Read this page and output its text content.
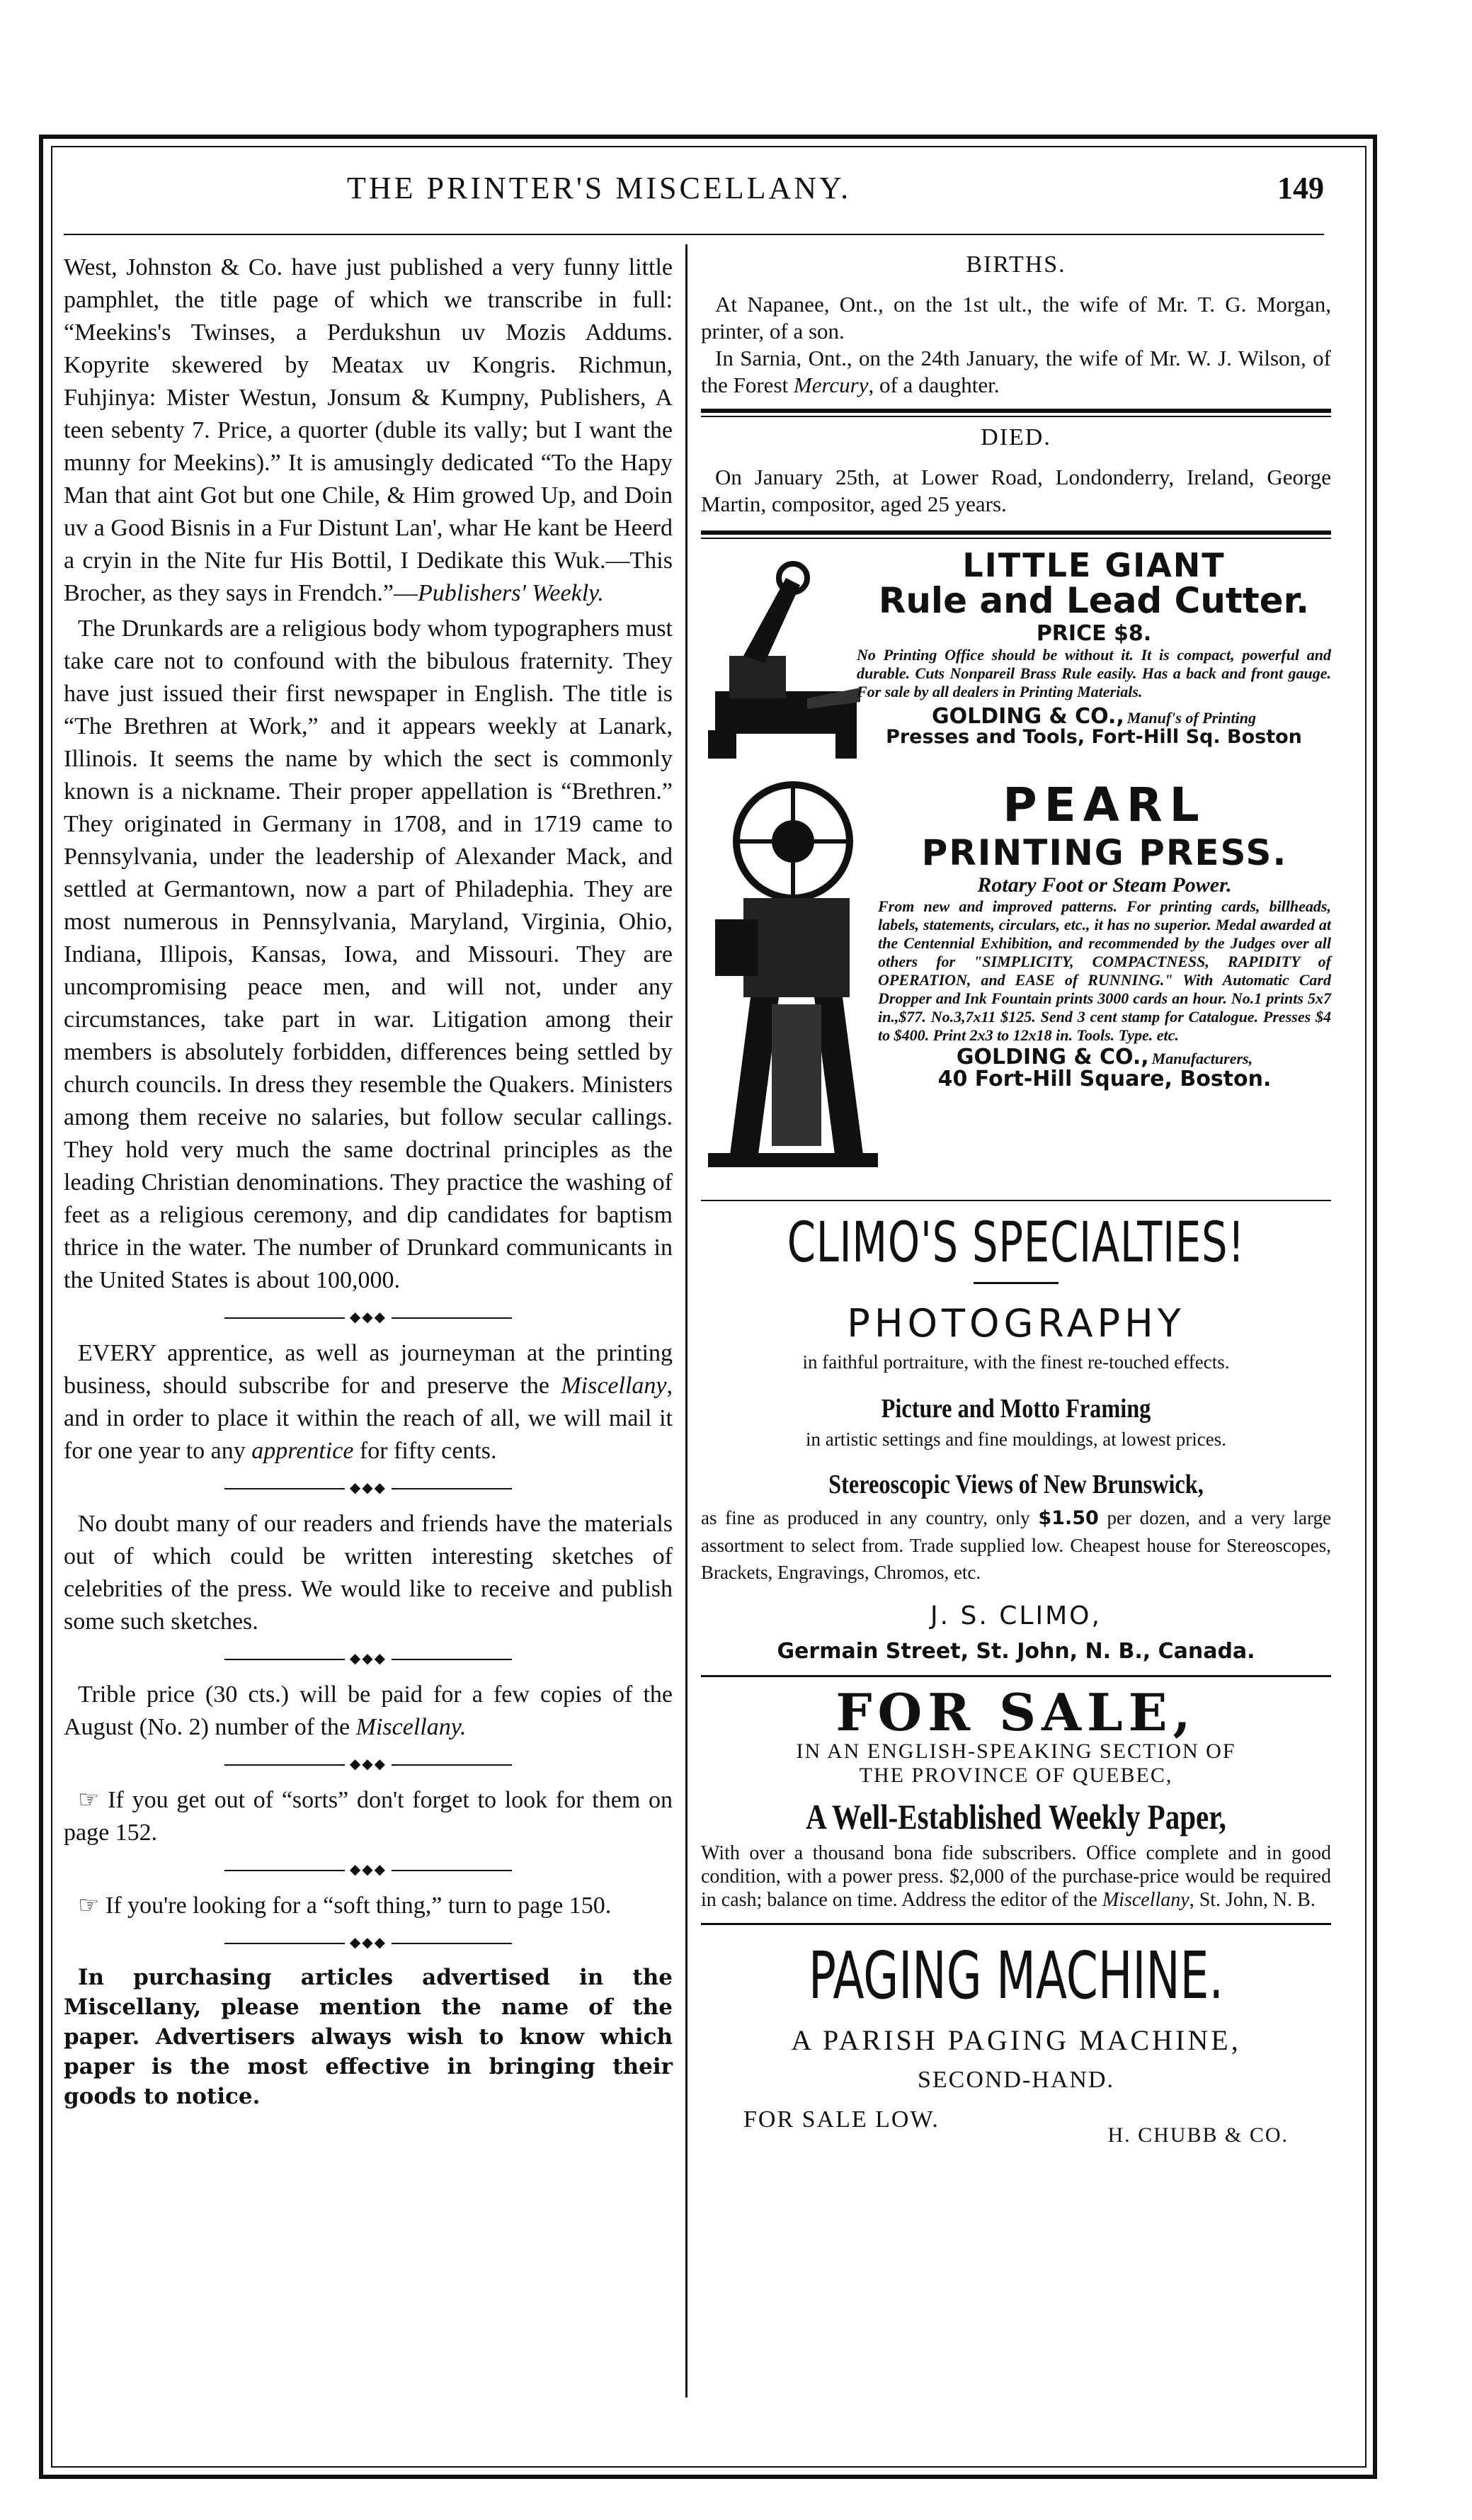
THE PRINTER'S MISCELLANY.	149

West, Johnston & Co. have just published a very funny little pamphlet, the title page of which we transcribe in full: “Meekins's Twinses, a Perdukshun uv Mozis Addums. Kopyrite skewered by Meatax uv Kongris. Richmun, Fuhjinya: Mister Westun, Jonsum & Kumpny, Publishers, A teen sebenty 7. Price, a quorter (duble its vally; but I want the munny for Meekins).” It is amusingly dedicated “To the Hapy Man that aint Got but one Chile, & Him growed Up, and Doin uv a Good Bisnis in a Fur Distunt Lan', whar He kant be Heerd a cryin in the Nite fur His Bottil, I Dedikate this Wuk.—This Brocher, as they says in Frendch.”—Publishers' Weekly.

The Drunkards are a religious body whom typographers must take care not to confound with the bibulous fraternity. They have just issued their first newspaper in English. The title is “The Brethren at Work,” and it appears weekly at Lanark, Illinois. It seems the name by which the sect is commonly known is a nickname. Their proper appellation is “Brethren.” They originated in Germany in 1708, and in 1719 came to Pennsylvania, under the leadership of Alexander Mack, and settled at Germantown, now a part of Philadephia. They are most numerous in Pennsylvania, Maryland, Virginia, Ohio, Indiana, Illipois, Kansas, Iowa, and Missouri. They are uncompromising peace men, and will not, under any circumstances, take part in war. Litigation among their members is absolutely forbidden, differences being settled by church councils. In dress they resemble the Quakers. Ministers among them receive no salaries, but follow secular callings. They hold very much the same doctrinal principles as the leading Christian denominations. They practice the washing of feet as a religious ceremony, and dip candidates for baptism thrice in the water. The number of Drunkard communicants in the United States is about 100,000.

◆◆◆

EVERY apprentice, as well as journeyman at the printing business, should subscribe for and preserve the Miscellany, and in order to place it within the reach of all, we will mail it for one year to any apprentice for fifty cents.

◆◆◆

No doubt many of our readers and friends have the materials out of which could be written interesting sketches of celebrities of the press. We would like to receive and publish some such sketches.

◆◆◆

Trible price (30 cts.) will be paid for a few copies of the August (No. 2) number of the Miscellany.

◆◆◆

☞ If you get out of “sorts” don't forget to look for them on page 152.

◆◆◆

☞ If you're looking for a “soft thing,” turn to page 150.

◆◆◆

In purchasing articles advertised in the Miscellany, please mention the name of the paper. Advertisers always wish to know which paper is the most effective in bringing their goods to notice.

BIRTHS.

At Napanee, Ont., on the 1st ult., the wife of Mr. T. G. Morgan, printer, of a son.

In Sarnia, Ont., on the 24th January, the wife of Mr. W. J. Wilson, of the Forest Mercury, of a daughter.

DIED.

On January 25th, at Lower Road, Londonderry, Ireland, George Martin, compositor, aged 25 years.

LITTLE GIANT
Rule and Lead Cutter.
PRICE $8.
No Printing Office should be without it. It is compact, powerful and durable. Cuts Nonpareil Brass Rule easily. Has a back and front gauge. For sale by all dealers in Printing Materials.
GOLDING & CO., Manuf's of Printing
Presses and Tools, Fort-Hill Sq. Boston
PEARL
PRINTING PRESS.
Rotary Foot or Steam Power.
From new and improved patterns. For printing cards, billheads, labels, statements, circulars, etc., it has no superior. Medal awarded at the Centennial Exhibition, and recommended by the Judges over all others for "SIMPLICITY, COMPACTNESS, RAPIDITY of OPERATION, and EASE of RUNNING." With Automatic Card Dropper and Ink Fountain prints 3000 cards an hour. No.1 prints 5x7 in.,$77. No.3,7x11 $125. Send 3 cent stamp for Catalogue. Presses $4 to $400. Print 2x3 to 12x18 in. Tools. Type. etc.
GOLDING & CO., Manufacturers,
40 Fort-Hill Square, Boston.
CLIMO'S SPECIALTIES!
PHOTOGRAPHY
in faithful portraiture, with the finest re-touched effects.
Picture and Motto Framing
in artistic settings and fine mouldings, at lowest prices.
Stereoscopic Views of New Brunswick,

as fine as produced in any country, only $1.50 per dozen, and a very large assortment to select from. Trade supplied low. Cheapest house for Stereoscopes, Brackets, Engravings, Chromos, etc.

J. S. CLIMO,
Germain Street, St. John, N. B., Canada.
FOR SALE,
IN AN ENGLISH-SPEAKING SECTION OF
THE PROVINCE OF QUEBEC,
A Well-Established Weekly Paper,

With over a thousand bona fide subscribers. Office complete and in good condition, with a power press. $2,000 of the purchase-price would be required in cash; balance on time. Address the editor of the Miscellany, St. John, N. B.

PAGING MACHINE.
A PARISH PAGING MACHINE,
SECOND-HAND.
FOR SALE LOW.
H. CHUBB & CO.
